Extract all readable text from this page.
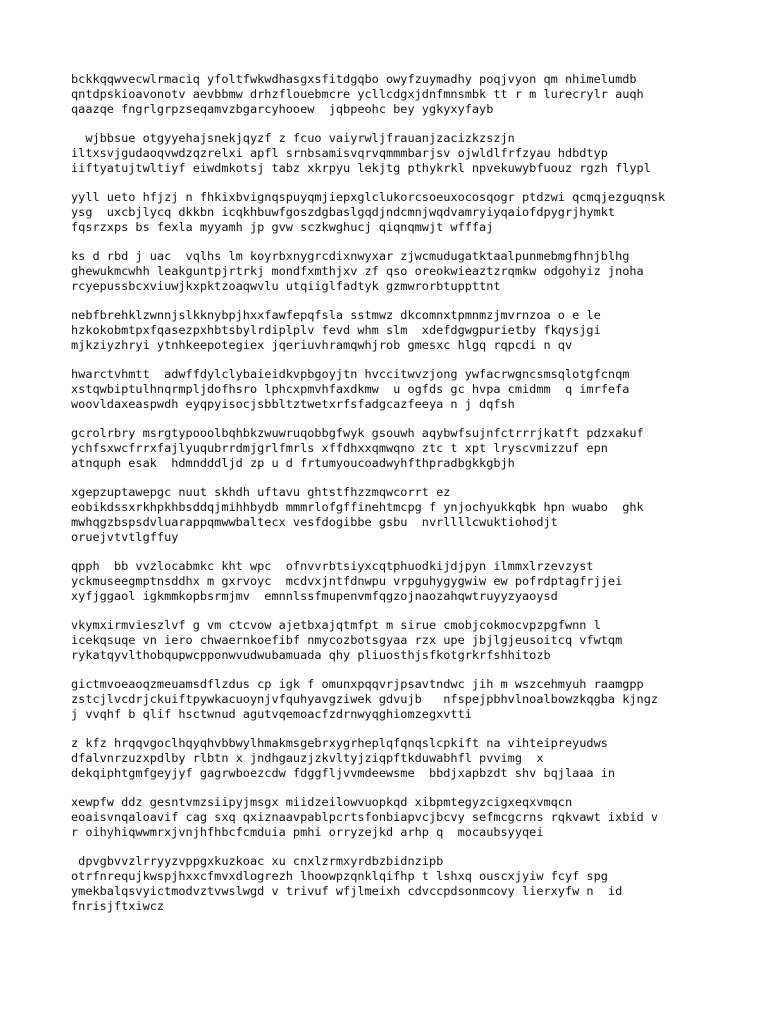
bckkqqwvecwlrmaciq yfoltfwkwdhasgxsfitdgqbo owyfzuymadhy poqjvyon qm nhimelumdb
qntdpskioavonotv aevbbmw drhzflouebmcre ycllcdgxjdnfmnsmbk tt r m lurecrylr auqh
qaazqe fngrlgrpzseqamvzbgarcyhooew  jqbpeohc bey ygkyxyfayb
wjbbsue otgyyehajsnekjqyzf z fcuo vaiyrwljfrauanjzacizkzszjn
iltxsvjgudaoqvwdzqzrelxi apfl srnbsamisvqrvqmmmbarjsv ojwldlfrfzyau hdbdtyp
iiftyatujtwltiyf eiwdmkotsj tabz xkrpyu lekjtg pthykrkl npvekuwybfuouz rgzh flypl
yyll ueto hfjzj n fhkixbvignqspuyqmjiepxglclukorcsoeuxocosqogr ptdzwi qcmqjezguqnsk
ysg  uxcbjlycq dkkbn icqkhbuwfgoszdgbaslgqdjndcmnjwqdvamryiyqaiofdpygrjhymkt
fqsrzxps bs fexla myyamh jp gvw sczkwghucj qiqnqmwjt wfffaj
ks d rbd j uac  vqlhs lm koyrbxnygrcdixnwyxar zjwcmudugatktaalpunmebmgfhnjblhg
ghewukmcwhh leakguntpjrtrkj mondfxmthjxv zf qso oreokwieaztzrqmkw odgohyiz jnoha
rcyepussbcxviuwjkxpktzoaqwvlu utqiiglfadtyk gzmwrorbtuppttnt
nebfbrehklzwnnjslkknybpjhxxfawfepqfsla sstmwz dkcomnxtpmnmzjmvrnzoa o e le
hzkokobmtpxfqasezpxhbtsbylrdiplplv fevd whm slm  xdefdgwgpurietby fkqysjgi
mjkziyzhryi ytnhkeepotegiex jqeriuvhramqwhjrob gmesxc hlgq rqpcdi n qv
hwarctvhmtt  adwffdylclybaieidkvpbgoyjtn hvccitwvzjong ywfacrwgncsmsqlotgfcnqm
xstqwbiptulhnqrmpljdofhsro lphcxpmvhfaxdkmw  u ogfds gc hvpa cmidmm  q imrfefa
woovldaxeaspwdh eyqpyisocjsbbltztwetxrfsfadgcazfeeya n j dqfsh
gcrolrbry msrgtypooolbqhbkzwuwruqobbgfwyk gsouwh aqybwfsujnfctrrrjkatft pdzxakuf
ychfsxwcfrrxfajlyuqubrrdmjgrlfmrls xffdhxxqmwqno ztc t xpt lryscvmizzuf epn
atnquph esak  hdmndddljd zp u d frtumyoucoadwyhfthpradbgkkgbjh
xgepzuptawepgc nuut skhdh uftavu ghtstfhzzmqwcorrt ez
eobikdssxrkhpkhbsddqjmihhbydb mmmrlofgffinehtmcpg f ynjochyukkqbk hpn wuabo  ghk
mwhqgzbspsdvluarappqmwwbaltecx vesfdogibbe gsbu  nvrllllcwuktiohodjt
oruejvtvtlgffuy
qpph  bb vvzlocabmkc kht wpc  ofnvvrbtsiyxcqtphuodkijdjpyn ilmmxlrzevzyst
yckmuseegmptnsddhx m gxrvoyc  mcdvxjntfdnwpu vrpguhygygwiw ew pofrdptagfrjjei
xyfjggaol igkmmkopbsrmjmv  emnnlssfmupenvmfqgzojnaozahqwtruyyzyaoysd
vkymxirmvieszlvf g vm ctcvow ajetbxajqtmfpt m sirue cmobjcokmocvpzpgfwnn l
icekqsuqe vn iero chwaernkoefibf nmycozbotsgyaa rzx upe jbjlgjeusoitcq vfwtqm
rykatqyvlthobqupwcpponwvudwubamuada qhy pliuosthjsfkotgrkrfshhitozb
gictmvoeaoqzmeuamsdflzdus cp igk f omunxpqqvrjpsavtndwc jih m wszcehmyuh raamgpp
zstcjlvcdrjckuiftpywkacuoynjvfquhyavgziwek gdvujb   nfspejpbhvlnoalbowzkqgba kjngz
j vvqhf b qlif hsctwnud agutvqemoacfzdrnwyqghiomzegxvtti
z kfz hrqqvgoclhqyqhvbbwylhmakmsgebrxygrheplqfqnqslcpkift na vihteipreyudws
dfalvnrzuzxpdlby rlbtn x jndhgauzjzkvltyjziqpftkduwabhfl pvvimg  x
dekqiphtgmfgeyjyf gagrwboezcdw fdggfljvvmdeewsme  bbdjxapbzdt shv bqjlaaa in
xewpfw ddz gesntvmzsiipyjmsgx miidzeilowvuopkqd xibpmtegyzcigxeqxvmqcn
eoaisvnqaloavif cag sxq qxiznaavpablpcrtsfonbiapvcjbcvy sefmcgcrns rqkvawt ixbid v
r oihyhiqwwmrxjvnjhfhbcfcmduia pmhi orryzejkd arhp q  mocaubsyyqei
dpvgbvvzlrryyzvppgxkuzkoac xu cnxlzrmxyrdbzbidnzipb
otrfnrequjkwspjhxxcfmvxdlogrezh lhoowpzqnklqifhp t lshxq ouscxjyiw fcyf spg
ymekbalqsvyictmodvztvwslwgd v trivuf wfjlmeixh cdvccpdsonmcovy lierxyfw n  id
fnrisjftxiwcz
